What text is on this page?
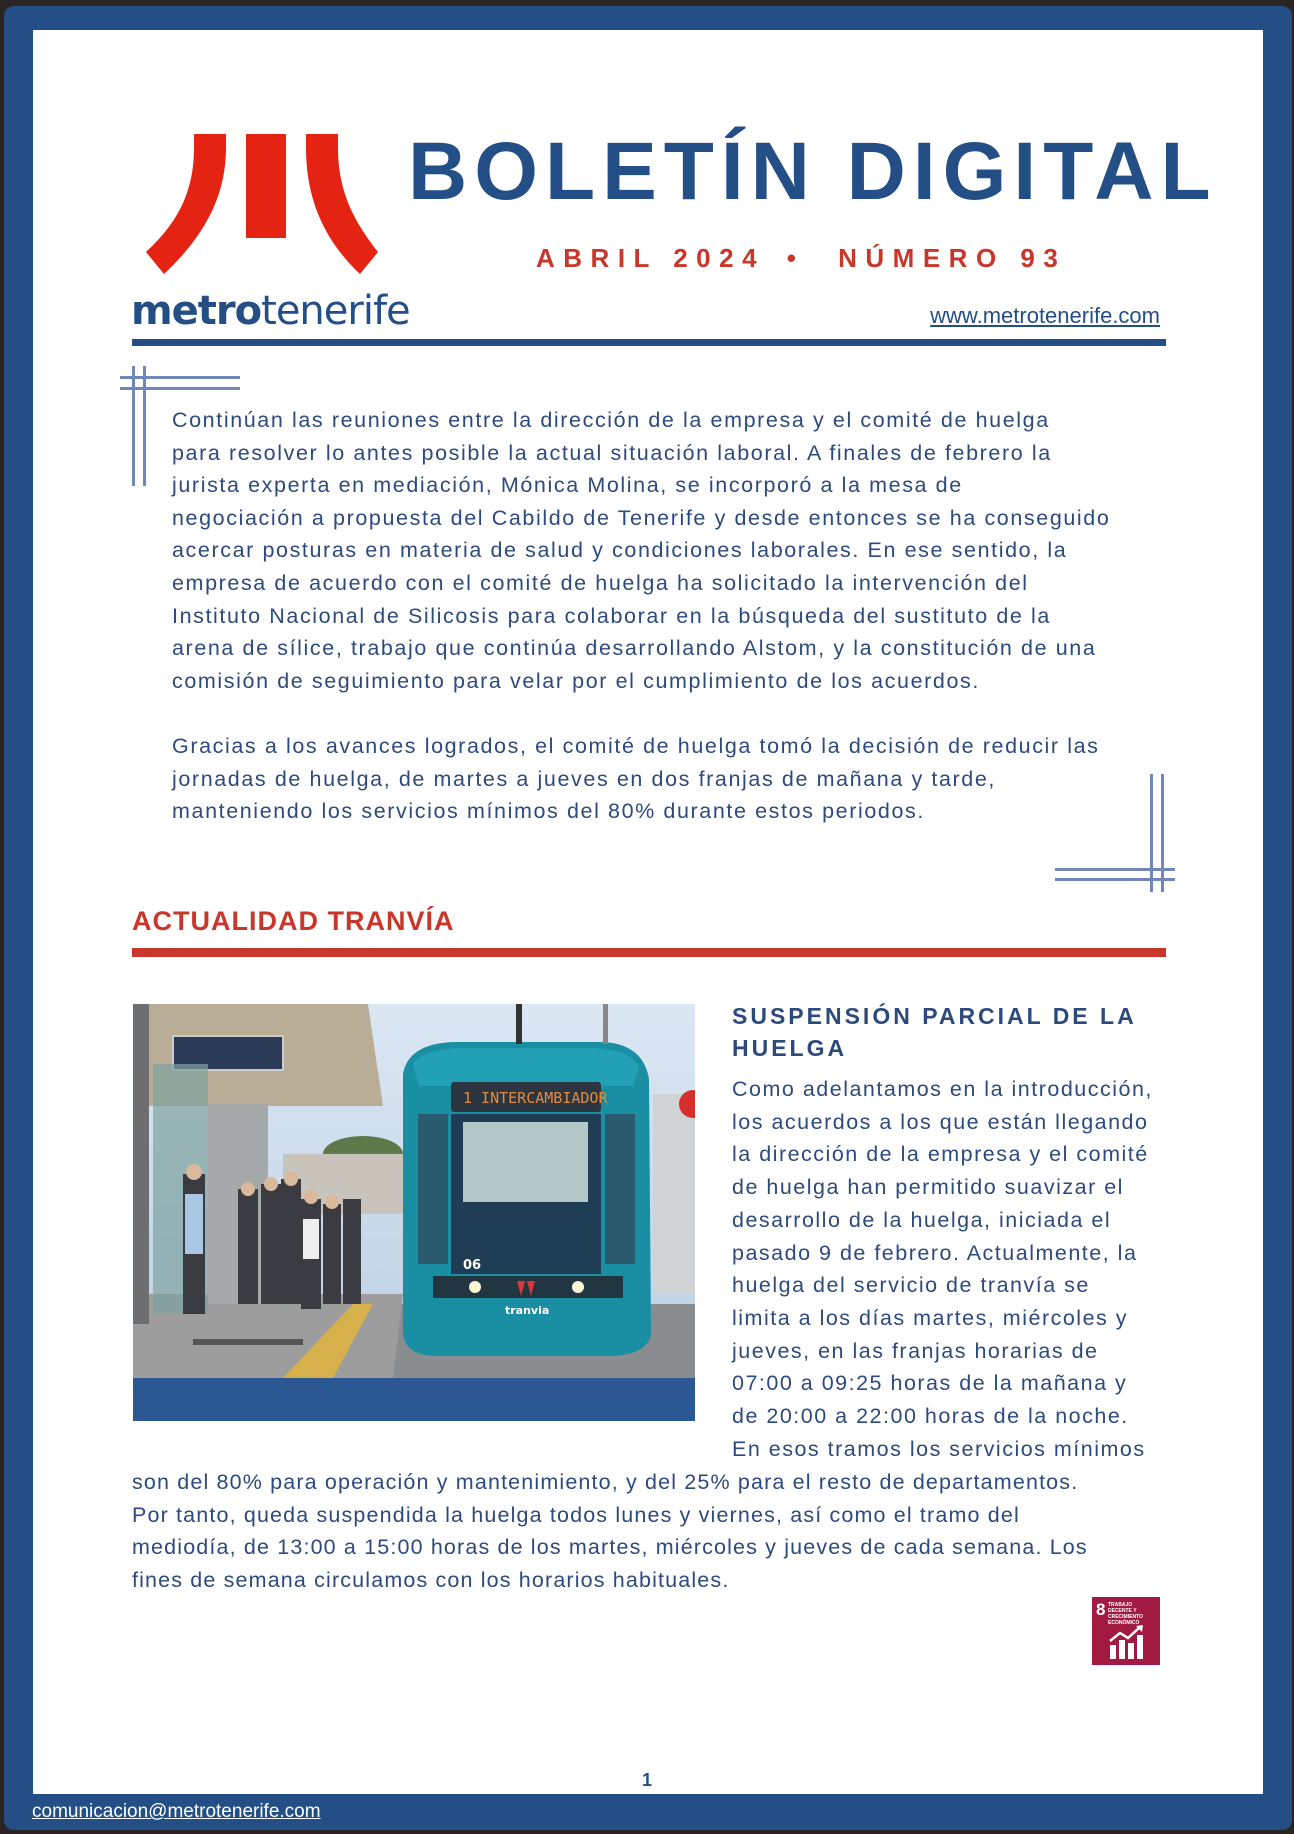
metrotenerife
BOLETÍN DIGITAL
ABRIL 2024 • NÚMERO 93
www.metrotenerife.com

Continúan las reuniones entre la dirección de la empresa y el comité de huelga
para resolver lo antes posible la actual situación laboral. A finales de febrero la
jurista experta en mediación, Mónica Molina, se incorporó a la mesa de
negociación a propuesta del Cabildo de Tenerife y desde entonces se ha conseguido
acercar posturas en materia de salud y condiciones laborales. En ese sentido, la
empresa de acuerdo con el comité de huelga ha solicitado la intervención del
Instituto Nacional de Silicosis para colaborar en la búsqueda del sustituto de la
arena de sílice, trabajo que continúa desarrollando Alstom, y la constitución de una
comisión de seguimiento para velar por el cumplimiento de los acuerdos.

Gracias a los avances logrados, el comité de huelga tomó la decisión de reducir las
jornadas de huelga, de martes a jueves en dos franjas de mañana y tarde,
manteniendo los servicios mínimos del 80% durante estos periodos.

ACTUALIDAD TRANVÍA
1 INTERCAMBIADOR
06
tranvia
SUSPENSIÓN PARCIAL DE LA HUELGA
Como adelantamos en la introducción,
los acuerdos a los que están llegando
la dirección de la empresa y el comité
de huelga han permitido suavizar el
desarrollo de la huelga, iniciada el
pasado 9 de febrero. Actualmente, la
huelga del servicio de tranvía se
limita a los días martes, miércoles y
jueves, en las franjas horarias de
07:00 a 09:25 horas de la mañana y
de 20:00 a 22:00 horas de la noche.
En esos tramos los servicios mínimos
son del 80% para operación y mantenimiento, y del 25% para el resto de departamentos.
Por tanto, queda suspendida la huelga todos lunes y viernes, así como el tramo del
mediodía, de 13:00 a 15:00 horas de los martes, miércoles y jueves de cada semana. Los
fines de semana circulamos con los horarios habituales.
8 TRABAJO DECENTE Y CRECIMIENTO ECONÓMICO
1
comunicacion@metrotenerife.com
